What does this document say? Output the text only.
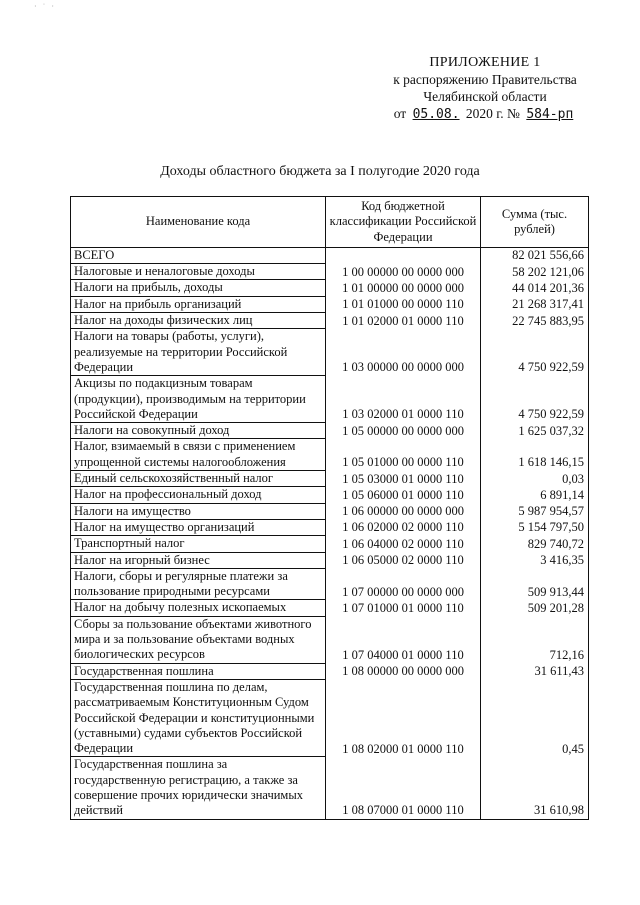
· ˙ ·
ПРИЛОЖЕНИЕ 1
к распоряжению Правительства
Челябинской области
от 05.08. 2020 г. № 584-рп
Доходы областного бюджета за I полугодие 2020 года
Наименование кода	Код бюджетной классификации Российской Федерации	Сумма (тыс. рублей)
ВСЕГО		82 021 556,66
Налоговые и неналоговые доходы	1 00 00000 00 0000 000	58 202 121,06
Налоги на прибыль, доходы	1 01 00000 00 0000 000	44 014 201,36
Налог на прибыль организаций	1 01 01000 00 0000 110	21 268 317,41
Налог на доходы физических лиц	1 01 02000 01 0000 110	22 745 883,95
Налоги на товары (работы, услуги), реализуемые на территории Российской Федерации	1 03 00000 00 0000 000	4 750 922,59
Акцизы по подакцизным товарам (продукции), производимым на территории Российской Федерации	1 03 02000 01 0000 110	4 750 922,59
Налоги на совокупный доход	1 05 00000 00 0000 000	1 625 037,32
Налог, взимаемый в связи с применением упрощенной системы налогообложения	1 05 01000 00 0000 110	1 618 146,15
Единый сельскохозяйственный налог	1 05 03000 01 0000 110	0,03
Налог на профессиональный доход	1 05 06000 01 0000 110	6 891,14
Налоги на имущество	1 06 00000 00 0000 000	5 987 954,57
Налог на имущество организаций	1 06 02000 02 0000 110	5 154 797,50
Транспортный налог	1 06 04000 02 0000 110	829 740,72
Налог на игорный бизнес	1 06 05000 02 0000 110	3 416,35
Налоги, сборы и регулярные платежи за пользование природными ресурсами	1 07 00000 00 0000 000	509 913,44
Налог на добычу полезных ископаемых	1 07 01000 01 0000 110	509 201,28
Сборы за пользование объектами животного мира и за пользование объектами водных биологических ресурсов	1 07 04000 01 0000 110	712,16
Государственная пошлина	1 08 00000 00 0000 000	31 611,43
Государственная пошлина по делам, рассматриваемым Конституционным Судом Российской Федерации и конституционными (уставными) судами субъектов Российской Федерации	1 08 02000 01 0000 110	0,45
Государственная пошлина за государственную регистрацию, а также за совершение прочих юридически значимых действий	1 08 07000 01 0000 110	31 610,98
